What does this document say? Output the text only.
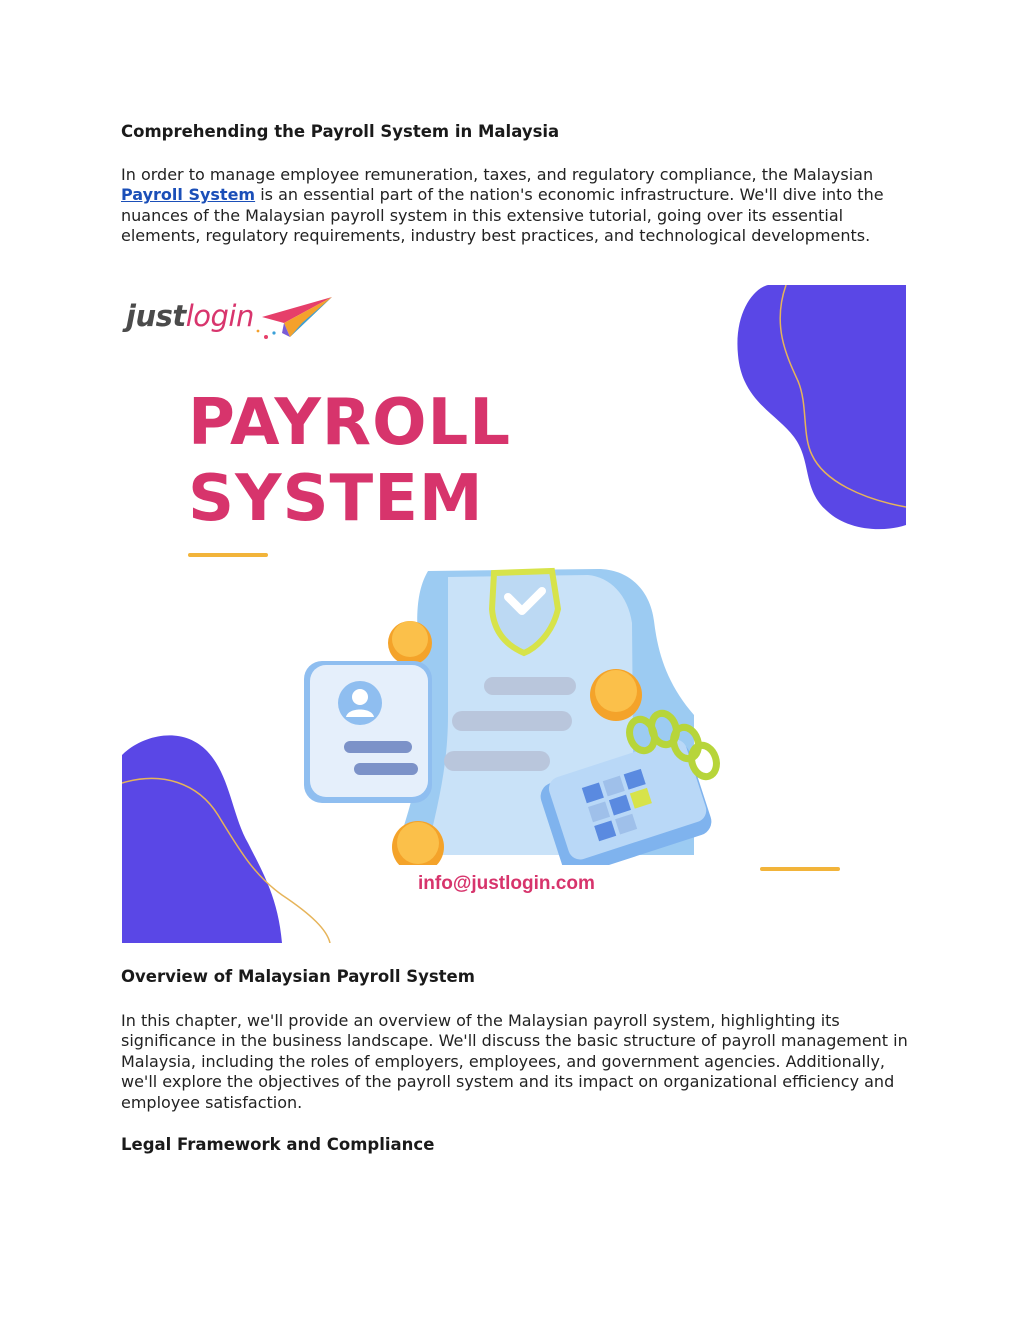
Comprehending the Payroll System in Malaysia

In order to manage employee remuneration, taxes, and regulatory compliance, the Malaysian Payroll System is an essential part of the nation's economic infrastructure. We'll dive into the nuances of the Malaysian payroll system in this extensive tutorial, going over its essential elements, regulatory requirements, industry best practices, and technological developments.

justlogin
PAYROLL
SYSTEM
info@justlogin.com
Overview of Malaysian Payroll System

In this chapter, we'll provide an overview of the Malaysian payroll system, highlighting its significance in the business landscape. We'll discuss the basic structure of payroll management in Malaysia, including the roles of employers, employees, and government agencies. Additionally, we'll explore the objectives of the payroll system and its impact on organizational efficiency and employee satisfaction.

Legal Framework and Compliance
